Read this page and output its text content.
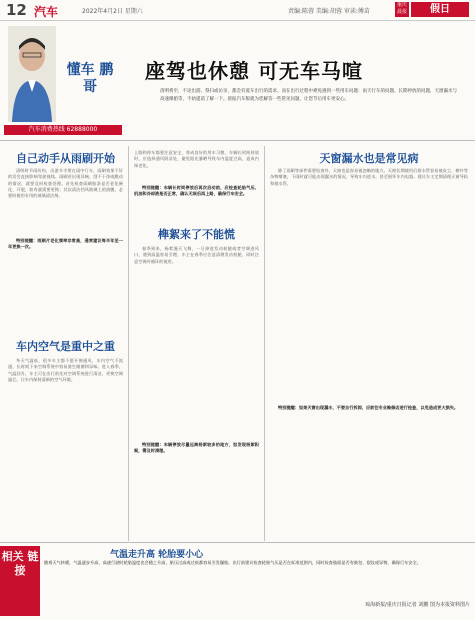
12 汽车	2022年4月2日 星期六	责编:陈蓉 美编:胡蓉 审读:傅苗
重庆 晨报	假日
懂车 鹏哥
汽车消费热线 62888000
座驾也休憩 可无车马喧
清明将至，不论出游、祭扫或访亲，都会有爱车出行的需求。而在出行过程中难免遇到一些用车问题：雨天行车的问题、长期停放的问题，天窗漏水与高速爆胎等，不妨提前了解一下。晨报汽车版就为您解答一些常见问题，让您节后用车更安心。
自己动手从雨刷开始
清明时节雨纷纷，出游多半要在雨中行车，雨刷效果不好的话会直接影响驾驶视线。雨刷若出现异响、刮不干净或跳动的情况，就要及时检查处理。首先检查雨刷胶条是否老化硬化、开裂，如有就需要更换；其次清洁挡风玻璃上的油膜，必要时使用专用的玻璃清洁剂。
特别提醒：雨刷片老化频率非常高，通常建议每半年至一年更换一次。
车内空气是重中之重
冬天气温低，很多车主都不愿开窗通风，车内空气不流通，长时间下来空调系统中容易滋生细菌和异味。进入春季，气温回升，车主可在出行前先对空调系统进行清洁，更换空调滤芯，让车内保持清新的空气环境。
上路和停车都要注意安全，养成良好的用车习惯。车辆长时间停放时，应选择通风阴凉处，避免阳光暴晒导致车内温度过高，造成内饰老化。
特别提醒：车辆长时间停放后再次启动前，应检查轮胎气压、机油和冷却液是否正常，确认无误后再上路，确保行车安全。
榫絮来了不能慌
春季到来，杨絮漫天飞舞，一旦掉进发动机舱或者空调进风口，遇到高温容易引燃，车主在春季应注意清理发动机舱，同时注意空调外循环的使用。
特别提醒：车辆停放尽量远离杨絮较多的地方，如发现杨絮积聚，需及时清理。
天窗漏水也是常见病
除了雨刷等部件需要检查外，天窗也是容易被忽略的地方。天窗长期使用后排水管容易被灰尘、树叶等杂物堵塞，下雨时就可能出现漏水的情况，导致车内进水，甚至损坏车内电器。建议车主定期清理天窗导轨和排水管。
特别提醒：如果天窗出现漏水，不要自行拆卸，应前往专业维修店进行检查，以免造成更大损失。
相关 链接
气温走升高 轮胎要小心
随着天气转暖，气温逐步升高，高速行驶时轮胎温度也会随之升高，胎压过高或过低都容易引发爆胎。出行前建议检查轮胎气压是否在标准范围内，同时检查胎面是否有鼓包、裂纹或异物，确保行车安全。
琼海新报/重庆日报记者 刘鹏 图为本报资料图片
